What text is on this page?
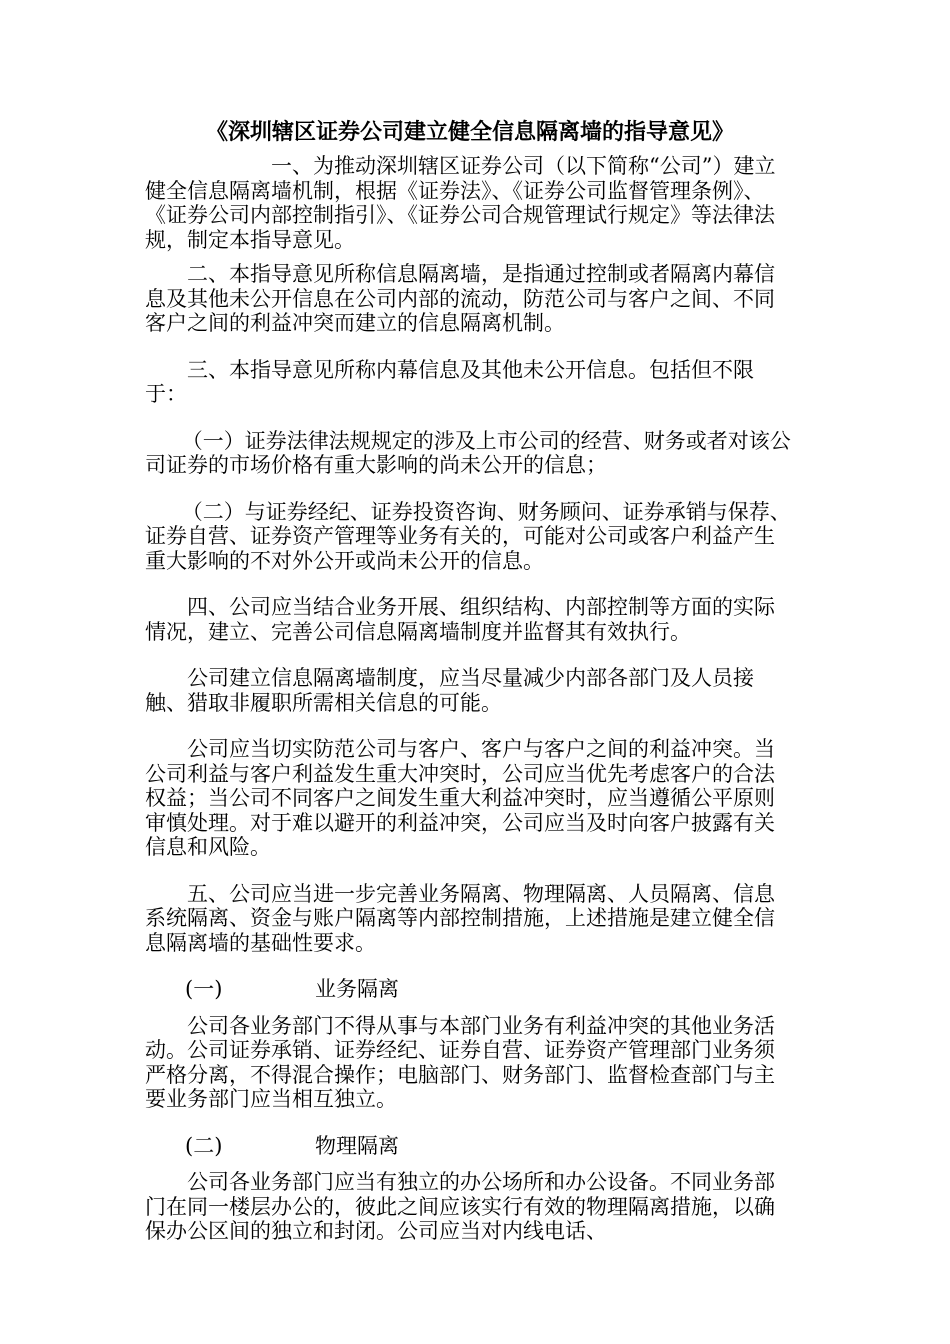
《深圳辖区证券公司建立健全信息隔离墙的指导意见》

一、为推动深圳辖区证券公司（以下简称“公司”）建立健全信息隔离墙机制，根据《证券法》、《证券公司监督管理条例》、《证券公司内部控制指引》、《证券公司合规管理试行规定》等法律法规，制定本指导意见。

二、本指导意见所称信息隔离墙，是指通过控制或者隔离内幕信息及其他未公开信息在公司内部的流动，防范公司与客户之间、不同客户之间的利益冲突而建立的信息隔离机制。

三、本指导意见所称内幕信息及其他未公开信息。包括但不限于：

（一）证券法律法规规定的涉及上市公司的经营、财务或者对该公司证券的市场价格有重大影响的尚未公开的信息；

（二）与证券经纪、证券投资咨询、财务顾问、证券承销与保荐、证券自营、证券资产管理等业务有关的，可能对公司或客户利益产生重大影响的不对外公开或尚未公开的信息。

四、公司应当结合业务开展、组织结构、内部控制等方面的实际情况，建立、完善公司信息隔离墙制度并监督其有效执行。

公司建立信息隔离墙制度，应当尽量减少内部各部门及人员接触、猎取非履职所需相关信息的可能。

公司应当切实防范公司与客户、客户与客户之间的利益冲突。当公司利益与客户利益发生重大冲突时，公司应当优先考虑客户的合法权益；当公司不同客户之间发生重大利益冲突时，应当遵循公平原则审慎处理。对于难以避开的利益冲突，公司应当及时向客户披露有关信息和风险。

五、公司应当进一步完善业务隔离、物理隔离、人员隔离、信息系统隔离、资金与账户隔离等内部控制措施，上述措施是建立健全信息隔离墙的基础性要求。

(一)	业务隔离

公司各业务部门不得从事与本部门业务有利益冲突的其他业务活动。公司证券承销、证券经纪、证券自营、证券资产管理部门业务须严格分离，不得混合操作；电脑部门、财务部门、监督检查部门与主要业务部门应当相互独立。

(二)	物理隔离

公司各业务部门应当有独立的办公场所和办公设备。不同业务部门在同一楼层办公的，彼此之间应该实行有效的物理隔离措施，以确保办公区间的独立和封闭。公司应当对内线电话、
